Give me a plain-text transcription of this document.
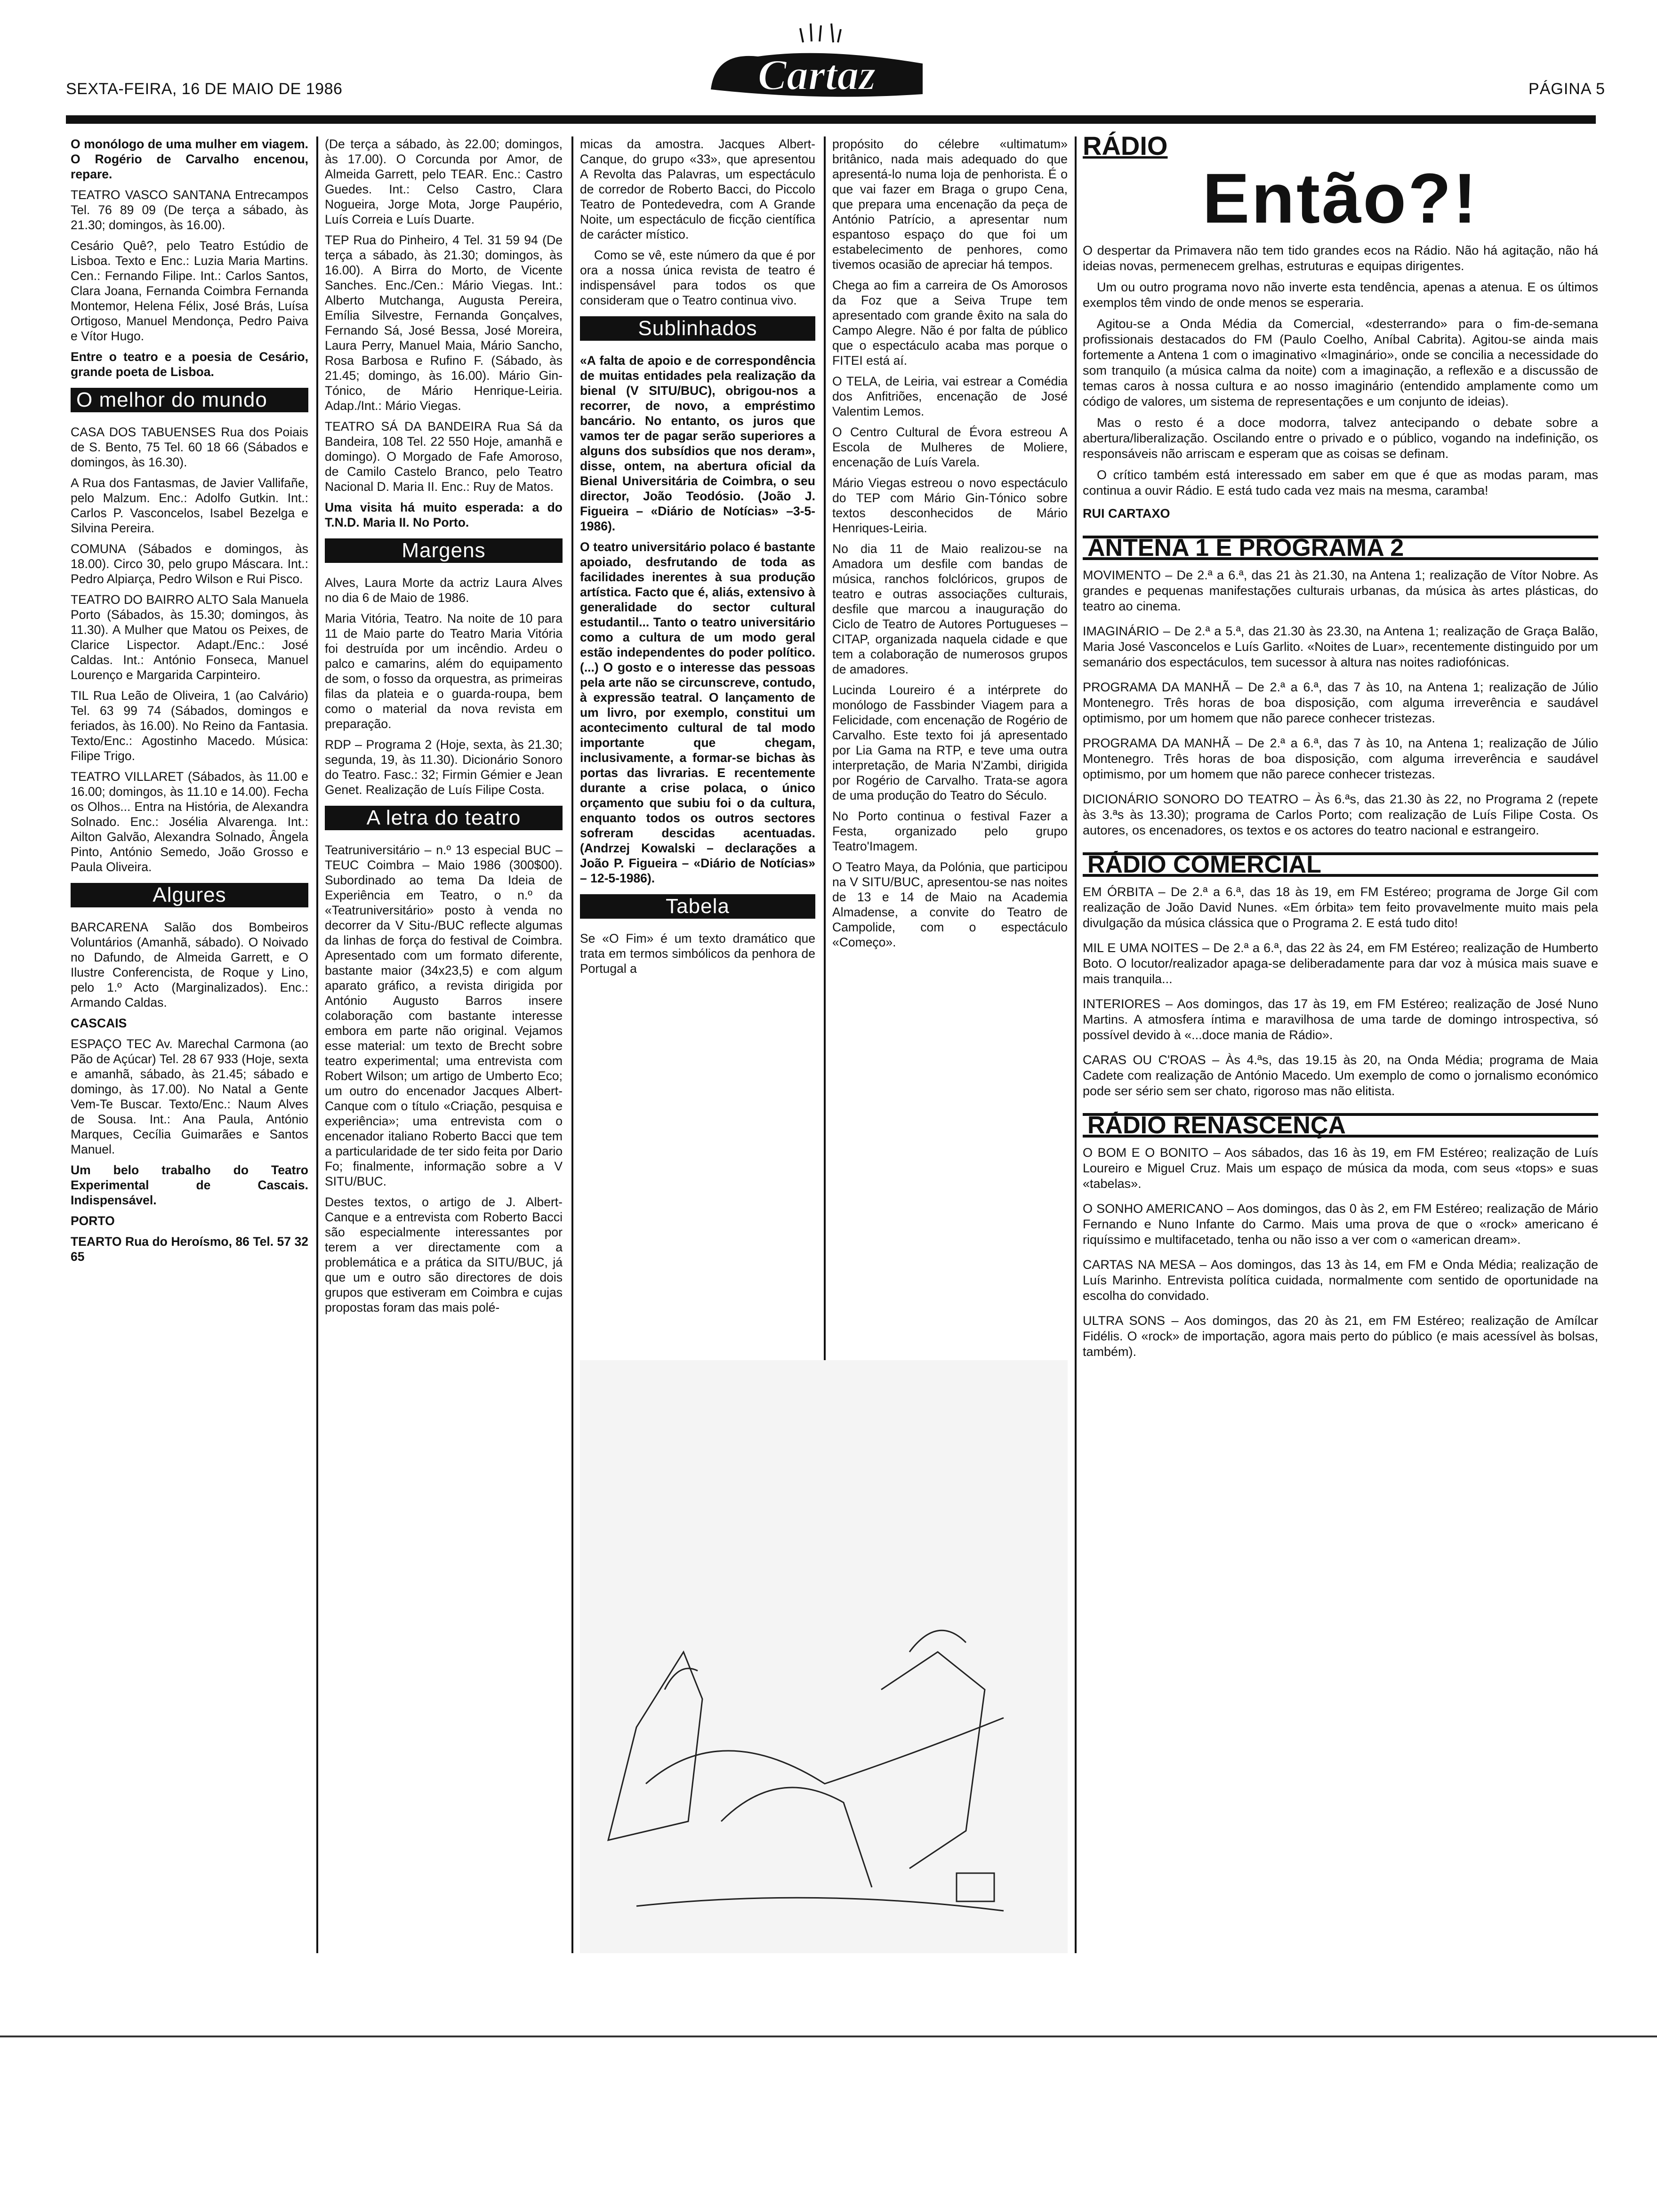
SEXTA-FEIRA, 16 DE MAIO DE 1986	PÁGINA 5
Cartaz

O monólogo de uma mulher em viagem. O Rogério de Carvalho encenou, repare.

TEATRO VASCO SANTANA Entrecampos Tel. 76 89 09 (De terça a sábado, às 21.30; domingos, às 16.00).

Cesário Quê?, pelo Teatro Estúdio de Lisboa. Texto e Enc.: Luzia Maria Martins. Cen.: Fernando Filipe. Int.: Carlos Santos, Clara Joana, Fernanda Coimbra Fernanda Montemor, Helena Félix, José Brás, Luísa Ortigoso, Manuel Mendonça, Pedro Paiva e Vítor Hugo.

Entre o teatro e a poesia de Cesário, grande poeta de Lisboa.

O melhor do mundo

CASA DOS TABUENSES Rua dos Poiais de S. Bento, 75 Tel. 60 18 66 (Sábados e domingos, às 16.30).

A Rua dos Fantasmas, de Javier Vallifañe, pelo Malzum. Enc.: Adolfo Gutkin. Int.: Carlos P. Vasconcelos, Isabel Bezelga e Silvina Pereira.

COMUNA (Sábados e domingos, às 18.00). Circo 30, pelo grupo Máscara. Int.: Pedro Alpiarça, Pedro Wilson e Rui Pisco.

TEATRO DO BAIRRO ALTO Sala Manuela Porto (Sábados, às 15.30; domingos, às 11.30). A Mulher que Matou os Peixes, de Clarice Lispector. Adapt./Enc.: José Caldas. Int.: António Fonseca, Manuel Lourenço e Margarida Carpinteiro.

TIL Rua Leão de Oliveira, 1 (ao Calvário) Tel. 63 99 74 (Sábados, domingos e feriados, às 16.00). No Reino da Fantasia. Texto/Enc.: Agostinho Macedo. Música: Filipe Trigo.

TEATRO VILLARET (Sábados, às 11.00 e 16.00; domingos, às 11.10 e 14.00). Fecha os Olhos... Entra na História, de Alexandra Solnado. Enc.: Josélia Alvarenga. Int.: Ailton Galvão, Alexandra Solnado, Ângela Pinto, António Semedo, João Grosso e Paula Oliveira.

Algures

BARCARENA Salão dos Bombeiros Voluntários (Amanhã, sábado). O Noivado no Dafundo, de Almeida Garrett, e O Ilustre Conferencista, de Roque y Lino, pelo 1.º Acto (Marginalizados). Enc.: Armando Caldas.

CASCAIS

ESPAÇO TEC Av. Marechal Carmona (ao Pão de Açúcar) Tel. 28 67 933 (Hoje, sexta e amanhã, sábado, às 21.45; sábado e domingo, às 17.00). No Natal a Gente Vem-Te Buscar. Texto/Enc.: Naum Alves de Sousa. Int.: Ana Paula, António Marques, Cecília Guimarães e Santos Manuel.

Um belo trabalho do Teatro Experimental de Cascais. Indispensável.

PORTO

TEARTO Rua do Heroísmo, 86 Tel. 57 32 65

(De terça a sábado, às 22.00; domingos, às 17.00). O Corcunda por Amor, de Almeida Garrett, pelo TEAR. Enc.: Castro Guedes. Int.: Celso Castro, Clara Nogueira, Jorge Mota, Jorge Paupério, Luís Correia e Luís Duarte.

TEP Rua do Pinheiro, 4 Tel. 31 59 94 (De terça a sábado, às 21.30; domingos, às 16.00). A Birra do Morto, de Vicente Sanches. Enc./Cen.: Mário Viegas. Int.: Alberto Mutchanga, Augusta Pereira, Emília Silvestre, Fernanda Gonçalves, Fernando Sá, José Bessa, José Moreira, Laura Perry, Manuel Maia, Mário Sancho, Rosa Barbosa e Rufino F. (Sábado, às 21.45; domingo, às 16.00). Mário Gin-Tónico, de Mário Henrique-Leiria. Adap./Int.: Mário Viegas.

TEATRO SÁ DA BANDEIRA Rua Sá da Bandeira, 108 Tel. 22 550 Hoje, amanhã e domingo). O Morgado de Fafe Amoroso, de Camilo Castelo Branco, pelo Teatro Nacional D. Maria II. Enc.: Ruy de Matos.

Uma visita há muito esperada: a do T.N.D. Maria II. No Porto.

Margens

Alves, Laura Morte da actriz Laura Alves no dia 6 de Maio de 1986.

Maria Vitória, Teatro. Na noite de 10 para 11 de Maio parte do Teatro Maria Vitória foi destruída por um incêndio. Ardeu o palco e camarins, além do equipamento de som, o fosso da orquestra, as primeiras filas da plateia e o guarda-roupa, bem como o material da nova revista em preparação.

RDP – Programa 2 (Hoje, sexta, às 21.30; segunda, 19, às 11.30). Dicionário Sonoro do Teatro. Fasc.: 32; Firmin Gémier e Jean Genet. Realização de Luís Filipe Costa.

A letra do teatro

Teatruniversitário – n.º 13 especial BUC – TEUC Coimbra – Maio 1986 (300$00). Subordinado ao tema Da Ideia de Experiência em Teatro, o n.º da «Teatruniversitário» posto à venda no decorrer da V Situ-/BUC reflecte algumas da linhas de força do festival de Coimbra. Apresentado com um formato diferente, bastante maior (34x23,5) e com algum aparato gráfico, a revista dirigida por António Augusto Barros insere colaboração com bastante interesse embora em parte não original. Vejamos esse material: um texto de Brecht sobre teatro experimental; uma entrevista com Robert Wilson; um artigo de Umberto Eco; um outro do encenador Jacques Albert-Canque com o título «Criação, pesquisa e experiência»; uma entrevista com o encenador italiano Roberto Bacci que tem a particularidade de ter sido feita por Dario Fo; finalmente, informação sobre a V SITU/BUC.

Destes textos, o artigo de J. Albert-Canque e a entrevista com Roberto Bacci são especialmente interessantes por terem a ver directamente com a problemática e a prática da SITU/BUC, já que um e outro são directores de dois grupos que estiveram em Coimbra e cujas propostas foram das mais polé-

micas da amostra. Jacques Albert-Canque, do grupo «33», que apresentou A Revolta das Palavras, um espectáculo de corredor de Roberto Bacci, do Piccolo Teatro de Pontedevedra, com A Grande Noite, um espectáculo de ficção científica de carácter místico.

Como se vê, este número da que é por ora a nossa única revista de teatro é indispensável para todos os que consideram que o Teatro continua vivo.

Sublinhados

«A falta de apoio e de correspondência de muitas entidades pela realização da bienal (V SITU/BUC), obrigou-nos a recorrer, de novo, a empréstimo bancário. No entanto, os juros que vamos ter de pagar serão superiores a alguns dos subsídios que nos deram», disse, ontem, na abertura oficial da Bienal Universitária de Coimbra, o seu director, João Teodósio. (João J. Figueira – «Diário de Notícias» –3-5-1986).

O teatro universitário polaco é bastante apoiado, desfrutando de toda as facilidades inerentes à sua produção artística. Facto que é, aliás, extensivo à generalidade do sector cultural estudantil... Tanto o teatro universitário como a cultura de um modo geral estão independentes do poder político. (...) O gosto e o interesse das pessoas pela arte não se circunscreve, contudo, à expressão teatral. O lançamento de um livro, por exemplo, constitui um acontecimento cultural de tal modo importante que chegam, inclusivamente, a formar-se bichas às portas das livrarias. E recentemente durante a crise polaca, o único orçamento que subiu foi o da cultura, enquanto todos os outros sectores sofreram descidas acentuadas. (Andrzej Kowalski – declarações a João P. Figueira – «Diário de Notícias» – 12-5-1986).

Tabela

Se «O Fim» é um texto dramático que trata em termos simbólicos da penhora de Portugal a

propósito do célebre «ultimatum» britânico, nada mais adequado do que apresentá-lo numa loja de penhorista. É o que vai fazer em Braga o grupo Cena, que prepara uma encenação da peça de António Patrício, a apresentar num espantoso espaço do que foi um estabelecimento de penhores, como tivemos ocasião de apreciar há tempos.

Chega ao fim a carreira de Os Amorosos da Foz que a Seiva Trupe tem apresentado com grande êxito na sala do Campo Alegre. Não é por falta de público que o espectáculo acaba mas porque o FITEI está aí.

O TELA, de Leiria, vai estrear a Comédia dos Anfitriões, encenação de José Valentim Lemos.

O Centro Cultural de Évora estreou A Escola de Mulheres de Moliere, encenação de Luís Varela.

Mário Viegas estreou o novo espectáculo do TEP com Mário Gin-Tónico sobre textos desconhecidos de Mário Henriques-Leiria.

No dia 11 de Maio realizou-se na Amadora um desfile com bandas de música, ranchos folclóricos, grupos de teatro e outras associações culturais, desfile que marcou a inauguração do Ciclo de Teatro de Autores Portugueses – CITAP, organizada naquela cidade e que tem a colaboração de numerosos grupos de amadores.

Lucinda Loureiro é a intérprete do monólogo de Fassbinder Viagem para a Felicidade, com encenação de Rogério de Carvalho. Este texto foi já apresentado por Lia Gama na RTP, e teve uma outra interpretação, de Maria N'Zambi, dirigida por Rogério de Carvalho. Trata-se agora de uma produção do Teatro do Século.

No Porto continua o festival Fazer a Festa, organizado pelo grupo Teatro'Imagem.

O Teatro Maya, da Polónia, que participou na V SITU/BUC, apresentou-se nas noites de 13 e 14 de Maio na Academia Almadense, a convite do Teatro de Campolide, com o espectáculo «Começo».

RÁDIO
Então?!

O despertar da Primavera não tem tido grandes ecos na Rádio. Não há agitação, não há ideias novas, permenecem grelhas, estruturas e equipas dirigentes.

Um ou outro programa novo não inverte esta tendência, apenas a atenua. E os últimos exemplos têm vindo de onde menos se esperaria.

Agitou-se a Onda Média da Comercial, «desterrando» para o fim-de-semana profissionais destacados do FM (Paulo Coelho, Aníbal Cabrita). Agitou-se ainda mais fortemente a Antena 1 com o imaginativo «Imaginário», onde se concilia a necessidade do som tranquilo (a música calma da noite) com a imaginação, a reflexão e a discussão de temas caros à nossa cultura e ao nosso imaginário (entendido amplamente como um código de valores, um sistema de representações e um conjunto de ideias).

Mas o resto é a doce modorra, talvez antecipando o debate sobre a abertura/liberalização. Oscilando entre o privado e o público, vogando na indefinição, os responsáveis não arriscam e esperam que as coisas se definam.

O crítico também está interessado em saber em que é que as modas param, mas continua a ouvir Rádio. E está tudo cada vez mais na mesma, caramba!

RUI CARTAXO

ANTENA 1 E PROGRAMA 2

MOVIMENTO – De 2.ª a 6.ª, das 21 às 21.30, na Antena 1; realização de Vítor Nobre. As grandes e pequenas manifestações culturais urbanas, da música às artes plásticas, do teatro ao cinema.

IMAGINÁRIO – De 2.ª a 5.ª, das 21.30 às 23.30, na Antena 1; realização de Graça Balão, Maria José Vasconcelos e Luís Garlito. «Noites de Luar», recentemente distinguido por um semanário dos espectáculos, tem sucessor à altura nas noites radiofónicas.

PROGRAMA DA MANHÃ – De 2.ª a 6.ª, das 7 às 10, na Antena 1; realização de Júlio Montenegro. Três horas de boa disposição, com alguma irreverência e saudável optimismo, por um homem que não parece conhecer tristezas.

PROGRAMA DA MANHÃ – De 2.ª a 6.ª, das 7 às 10, na Antena 1; realização de Júlio Montenegro. Três horas de boa disposição, com alguma irreverência e saudável optimismo, por um homem que não parece conhecer tristezas.

DICIONÁRIO SONORO DO TEATRO – Às 6.ªs, das 21.30 às 22, no Programa 2 (repete às 3.ªs às 13.30); programa de Carlos Porto; com realização de Luís Filipe Costa. Os autores, os encenadores, os textos e os actores do teatro nacional e estrangeiro.

RÁDIO COMERCIAL

EM ÓRBITA – De 2.ª a 6.ª, das 18 às 19, em FM Estéreo; programa de Jorge Gil com realização de João David Nunes. «Em órbita» tem feito provavelmente muito mais pela divulgação da música clássica que o Programa 2. E está tudo dito!

MIL E UMA NOITES – De 2.ª a 6.ª, das 22 às 24, em FM Estéreo; realização de Humberto Boto. O locutor/realizador apaga-se deliberadamente para dar voz à música mais suave e mais tranquila...

INTERIORES – Aos domingos, das 17 às 19, em FM Estéreo; realização de José Nuno Martins. A atmosfera íntima e maravilhosa de uma tarde de domingo introspectiva, só possível devido à «...doce mania de Rádio».

CARAS OU C'ROAS – Às 4.ªs, das 19.15 às 20, na Onda Média; programa de Maia Cadete com realização de António Macedo. Um exemplo de como o jornalismo económico pode ser sério sem ser chato, rigoroso mas não elitista.

RÁDIO RENASCENÇA

O BOM E O BONITO – Aos sábados, das 16 às 19, em FM Estéreo; realização de Luís Loureiro e Miguel Cruz. Mais um espaço de música da moda, com seus «tops» e suas «tabelas».

O SONHO AMERICANO – Aos domingos, das 0 às 2, em FM Estéreo; realização de Mário Fernando e Nuno Infante do Carmo. Mais uma prova de que o «rock» americano é riquíssimo e multifacetado, tenha ou não isso a ver com o «american dream».

CARTAS NA MESA – Aos domingos, das 13 às 14, em FM e Onda Média; realização de Luís Marinho. Entrevista política cuidada, normalmente com sentido de oportunidade na escolha do convidado.

ULTRA SONS – Aos domingos, das 20 às 21, em FM Estéreo; realização de Amílcar Fidélis. O «rock» de importação, agora mais perto do público (e mais acessível às bolsas, também).
